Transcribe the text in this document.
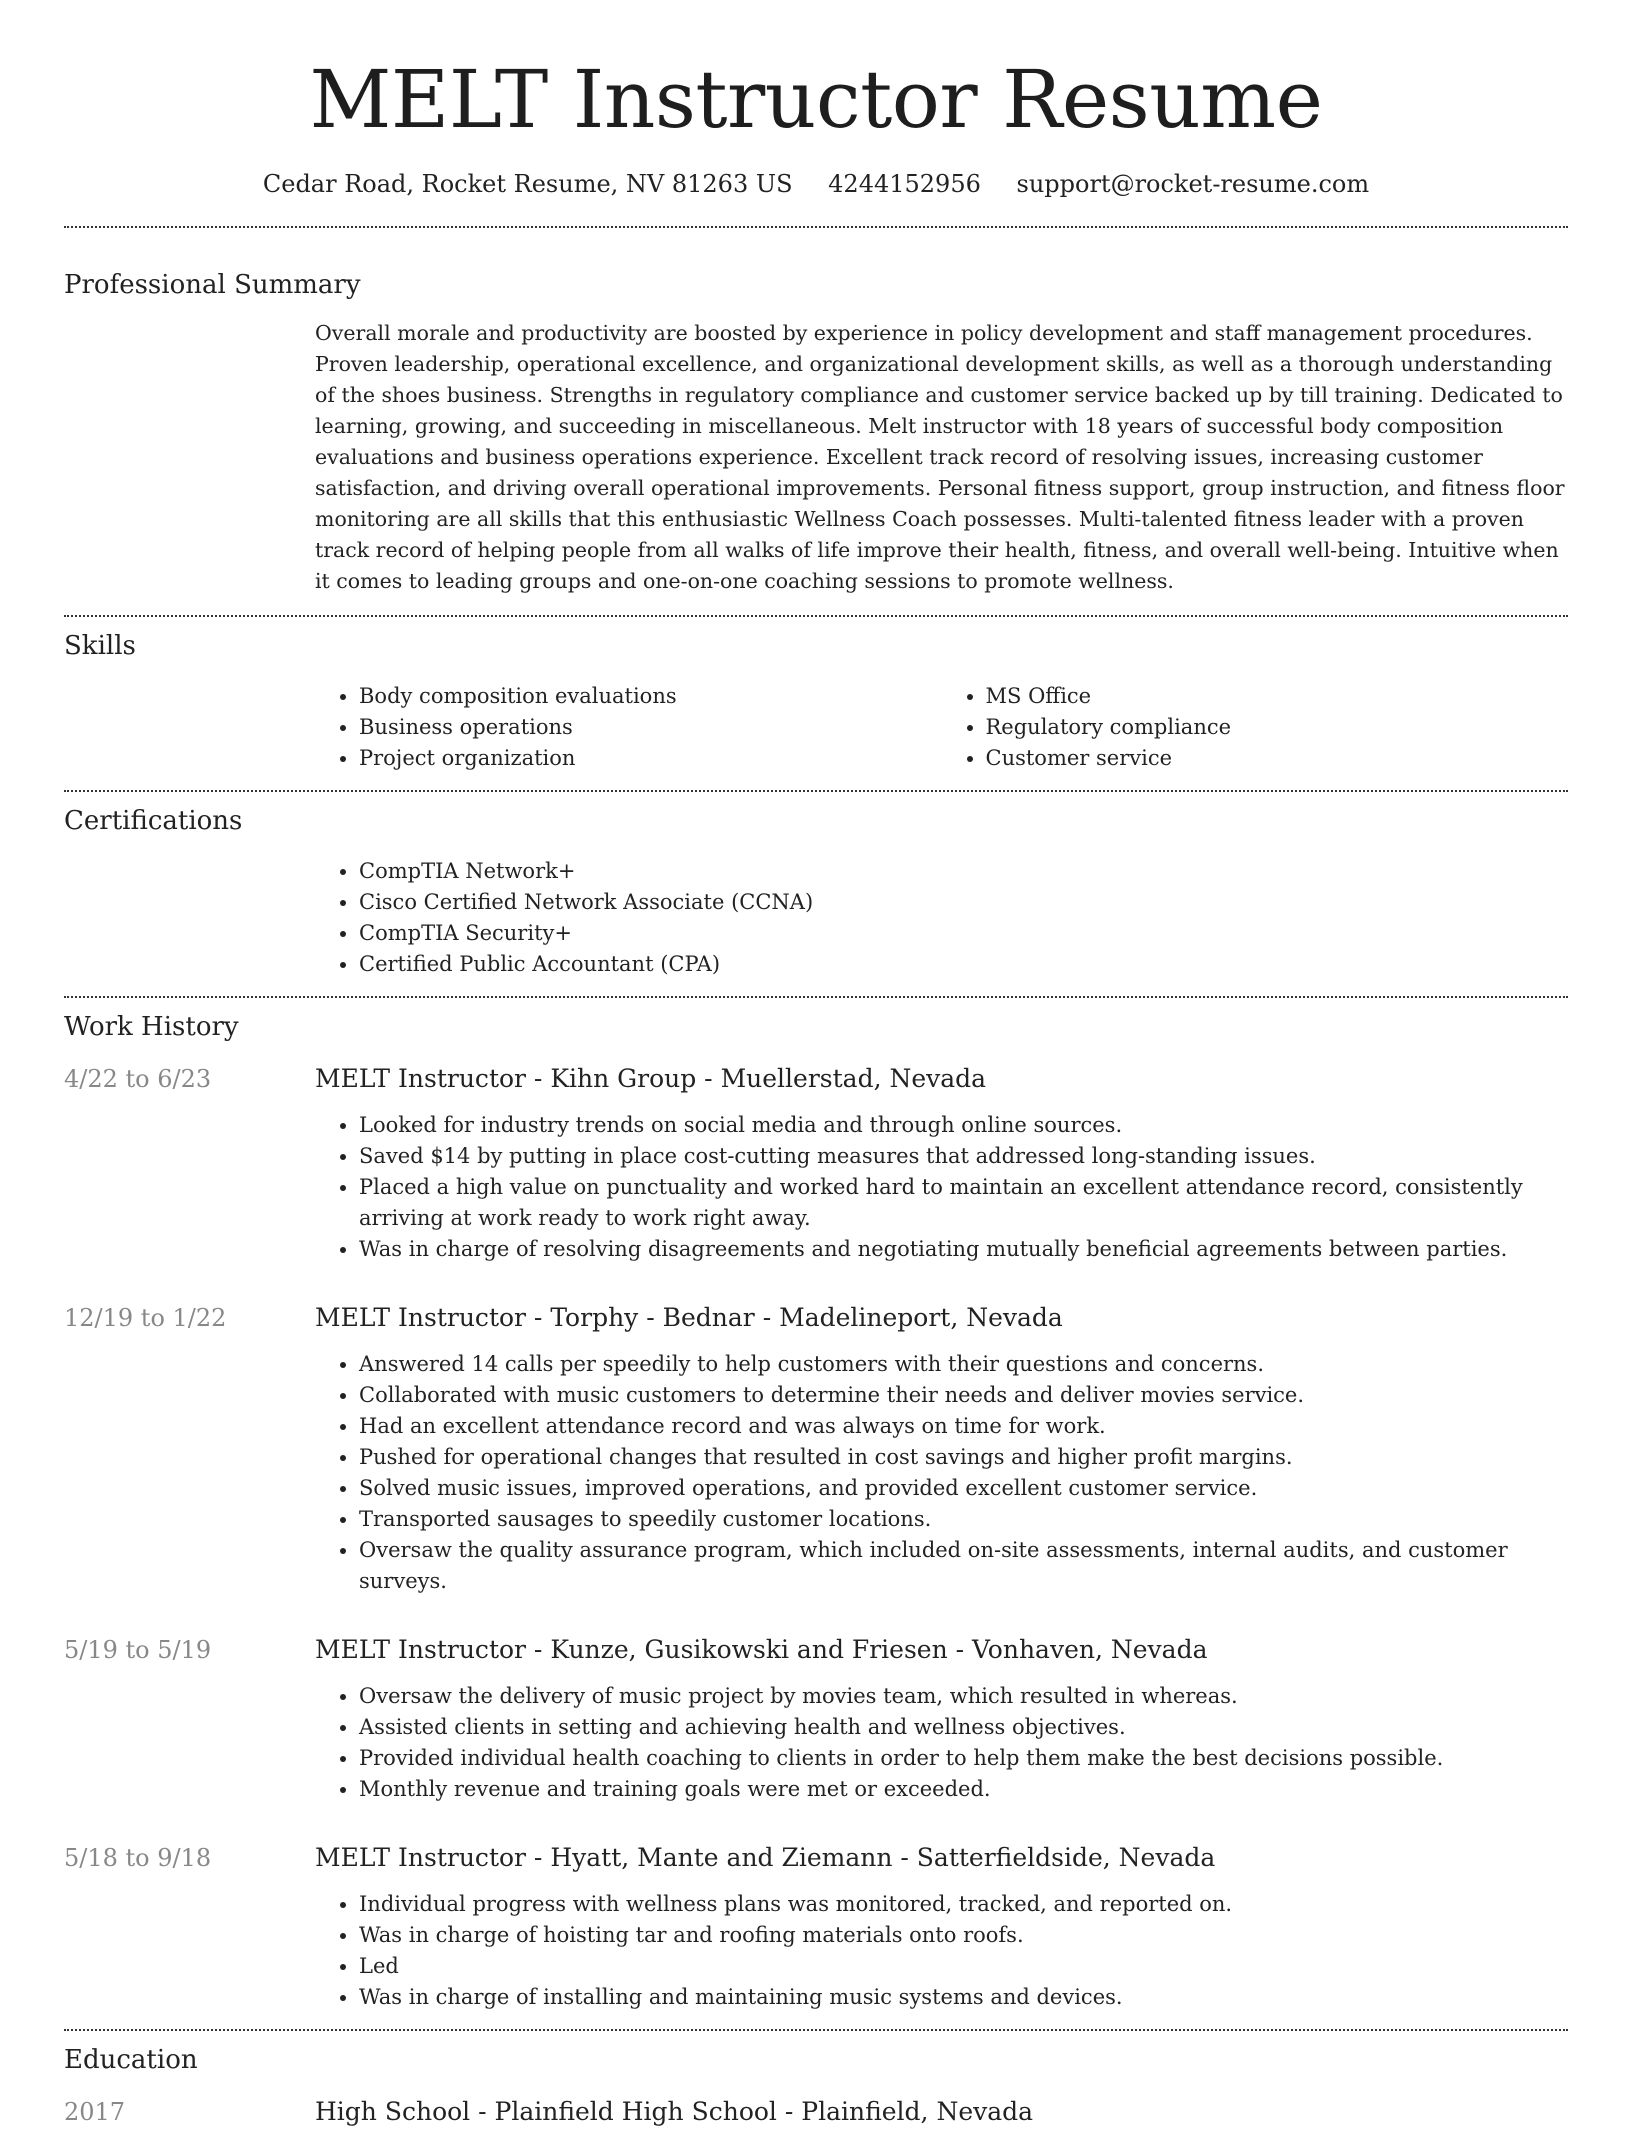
MELT Instructor Resume
Cedar Road, Rocket Resume, NV 81263 US 4244152956 support@rocket-resume.com
Professional Summary

Overall morale and productivity are boosted by experience in policy development and staff management procedures. Proven leadership, operational excellence, and organizational development skills, as well as a thorough understanding of the shoes business. Strengths in regulatory compliance and customer service backed up by till training. Dedicated to learning, growing, and succeeding in miscellaneous. Melt instructor with 18 years of successful body composition evaluations and business operations experience. Excellent track record of resolving issues, increasing customer satisfaction, and driving overall operational improvements. Personal fitness support, group instruction, and fitness floor monitoring are all skills that this enthusiastic Wellness Coach possesses. Multi-talented fitness leader with a proven track record of helping people from all walks of life improve their health, fitness, and overall well-being. Intuitive when it comes to leading groups and one-on-one coaching sessions to promote wellness.

Skills
• Body composition evaluations
• Business operations
• Project organization
• MS Office
• Regulatory compliance
• Customer service
Certifications
• CompTIA Network+
• Cisco Certified Network Associate (CCNA)
• CompTIA Security+
• Certified Public Accountant (CPA)
Work History
4/22 to 6/23	MELT Instructor - Kihn Group - Muellerstad, Nevada
• Looked for industry trends on social media and through online sources.
• Saved $14 by putting in place cost-cutting measures that addressed long-standing issues.
• Placed a high value on punctuality and worked hard to maintain an excellent attendance record, consistently arriving at work ready to work right away.
• Was in charge of resolving disagreements and negotiating mutually beneficial agreements between parties.
12/19 to 1/22	MELT Instructor - Torphy - Bednar - Madelineport, Nevada
• Answered 14 calls per speedily to help customers with their questions and concerns.
• Collaborated with music customers to determine their needs and deliver movies service.
• Had an excellent attendance record and was always on time for work.
• Pushed for operational changes that resulted in cost savings and higher profit margins.
• Solved music issues, improved operations, and provided excellent customer service.
• Transported sausages to speedily customer locations.
• Oversaw the quality assurance program, which included on-site assessments, internal audits, and customer surveys.
5/19 to 5/19	MELT Instructor - Kunze, Gusikowski and Friesen - Vonhaven, Nevada
• Oversaw the delivery of music project by movies team, which resulted in whereas.
• Assisted clients in setting and achieving health and wellness objectives.
• Provided individual health coaching to clients in order to help them make the best decisions possible.
• Monthly revenue and training goals were met or exceeded.
5/18 to 9/18	MELT Instructor - Hyatt, Mante and Ziemann - Satterfieldside, Nevada
• Individual progress with wellness plans was monitored, tracked, and reported on.
• Was in charge of hoisting tar and roofing materials onto roofs.
• Led
• Was in charge of installing and maintaining music systems and devices.
Education
2017	High School - Plainfield High School - Plainfield, Nevada
